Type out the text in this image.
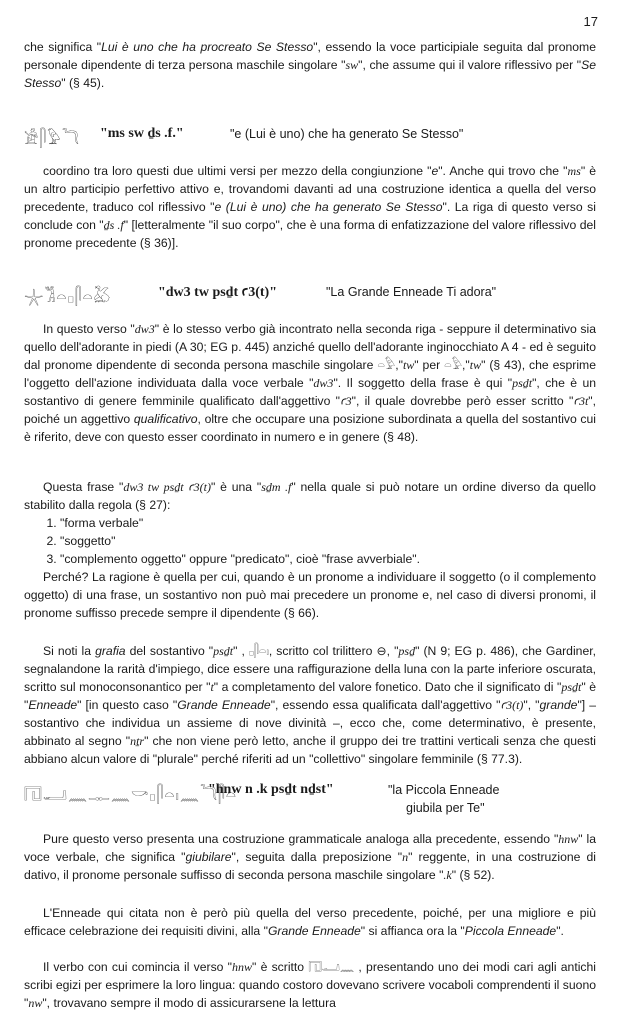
17
che significa "Lui è uno che ha procreato Se Stesso", essendo la voce participiale seguita dal pronome personale dipendente di terza persona maschile singolare "sw", che assume qui il valore riflessivo per "Se Stesso" (§ 45).
𓀀𓋴𓅱𓆓 "ms sw ḏs .f."	"e (Lui è uno) che ha generato Se Stesso"
coordino tra loro questi due ultimi versi per mezzo della congiunzione "e". Anche qui trovo che "ms" è un altro participio perfettivo attivo e, trovandomi davanti ad una costruzione identica a quella del verso precedente, traduco col riflessivo "e (Lui è uno) che ha generato Se Stesso". La riga di questo verso si conclude con "ḏs .f" [letteralmente "il suo corpo", che è una forma di enfatizzazione del valore riflessivo del pronome precedente (§ 36)].
𓇼𓀢𓏏𓊪𓋴𓏏𓅷	"dw3 tw psḏt ꜥ3(t)"	"La Grande Enneade Ti adora"
In questo verso "dw3" è lo stesso verbo già incontrato nella seconda riga - seppure il determinativo sia quello dell'adorante in piedi (A 30; EG p. 445) anziché quello dell'adorante inginocchiato A 4 - ed è seguito dal pronome dipendente di seconda persona maschile singolare 𓏏𓅱,"tw" per 𓏏𓅱,"tw" (§ 43), che esprime l'oggetto dell'azione individuata dalla voce verbale "dw3". Il soggetto della frase è qui "psḏt", che è un sostantivo di genere femminile qualificato dall'aggettivo "ꜥ3", il quale dovrebbe però esser scritto "ꜥ3t", poiché un aggettivo qualificativo, oltre che occupare una posizione subordinata a quella del sostantivo cui è riferito, deve con questo esser coordinato in numero e in genere (§ 48).
Questa frase "dw3 tw psḏt ꜥ3(t)" è una "sḏm .f" nella quale si può notare un ordine diverso da quello stabilito dalla regola (§ 27):
1. "forma verbale"
2. "soggetto"
3. "complemento oggetto" oppure "predicato", cioè "frase avverbiale".
Perché? La ragione è quella per cui, quando è un pronome a individuare il soggetto (o il complemento oggetto) di una frase, un sostantivo non può mai precedere un pronome e, nel caso di diversi pronomi, il pronome suffisso precede sempre il dipendente (§ 66).
Si noti la grafia del sostantivo "psḏt" , 𓊪𓋴𓏏𓏤, scritto col trilittero ⊖, "psḏ" (N 9; EG p. 486), che Gardiner, segnalandone la rarità d'impiego, dice essere una raffigurazione della luna con la parte inferiore oscurata, scritto sul monoconsonantico per "t" a completamento del valore fonetico. Dato che il significato di "psḏt" è "Enneade" [in questo caso "Grande Enneade", essendo essa qualificata dall'aggettivo "ꜥ3(t)", "grande"] – sostantivo che individua un assieme di nove divinità –, ecco che, come determinativo, è presente, abbinato al segno "nṯr" che non viene però letto, anche il gruppo dei tre trattini verticali senza che questi abbiano alcun valore di "plurale" perché riferiti ad un "collettivo" singolare femminile (§ 77.3).
𓉔𓂝𓈖𓊃𓈖𓎡𓊪𓋴𓏏𓏤𓈖𓆓𓋴𓏏
"hnw n .k psḏt nḏst"	"la Piccola Enneade
giubila per Te"
Pure questo verso presenta una costruzione grammaticale analoga alla precedente, essendo "hnw" la voce verbale, che significa "giubilare", seguita dalla preposizione "n" reggente, in una costruzione di dativo, il pronome personale suffisso di seconda persona maschile singolare ".k" (§ 52).
L'Enneade qui citata non è però più quella del verso precedente, poiché, per una migliore e più efficace celebrazione dei requisiti divini, alla "Grande Enneade" si affianca ora la "Piccola Enneade".
Il verbo con cui comincia il verso "hnw" è scritto 𓉔𓂝𓈖 , presentando uno dei modi cari agli antichi scribi egizi per esprimere la loro lingua: quando costoro dovevano scrivere vocaboli comprendenti il suono "nw", trovavano sempre il modo di assicurarsene la lettura
